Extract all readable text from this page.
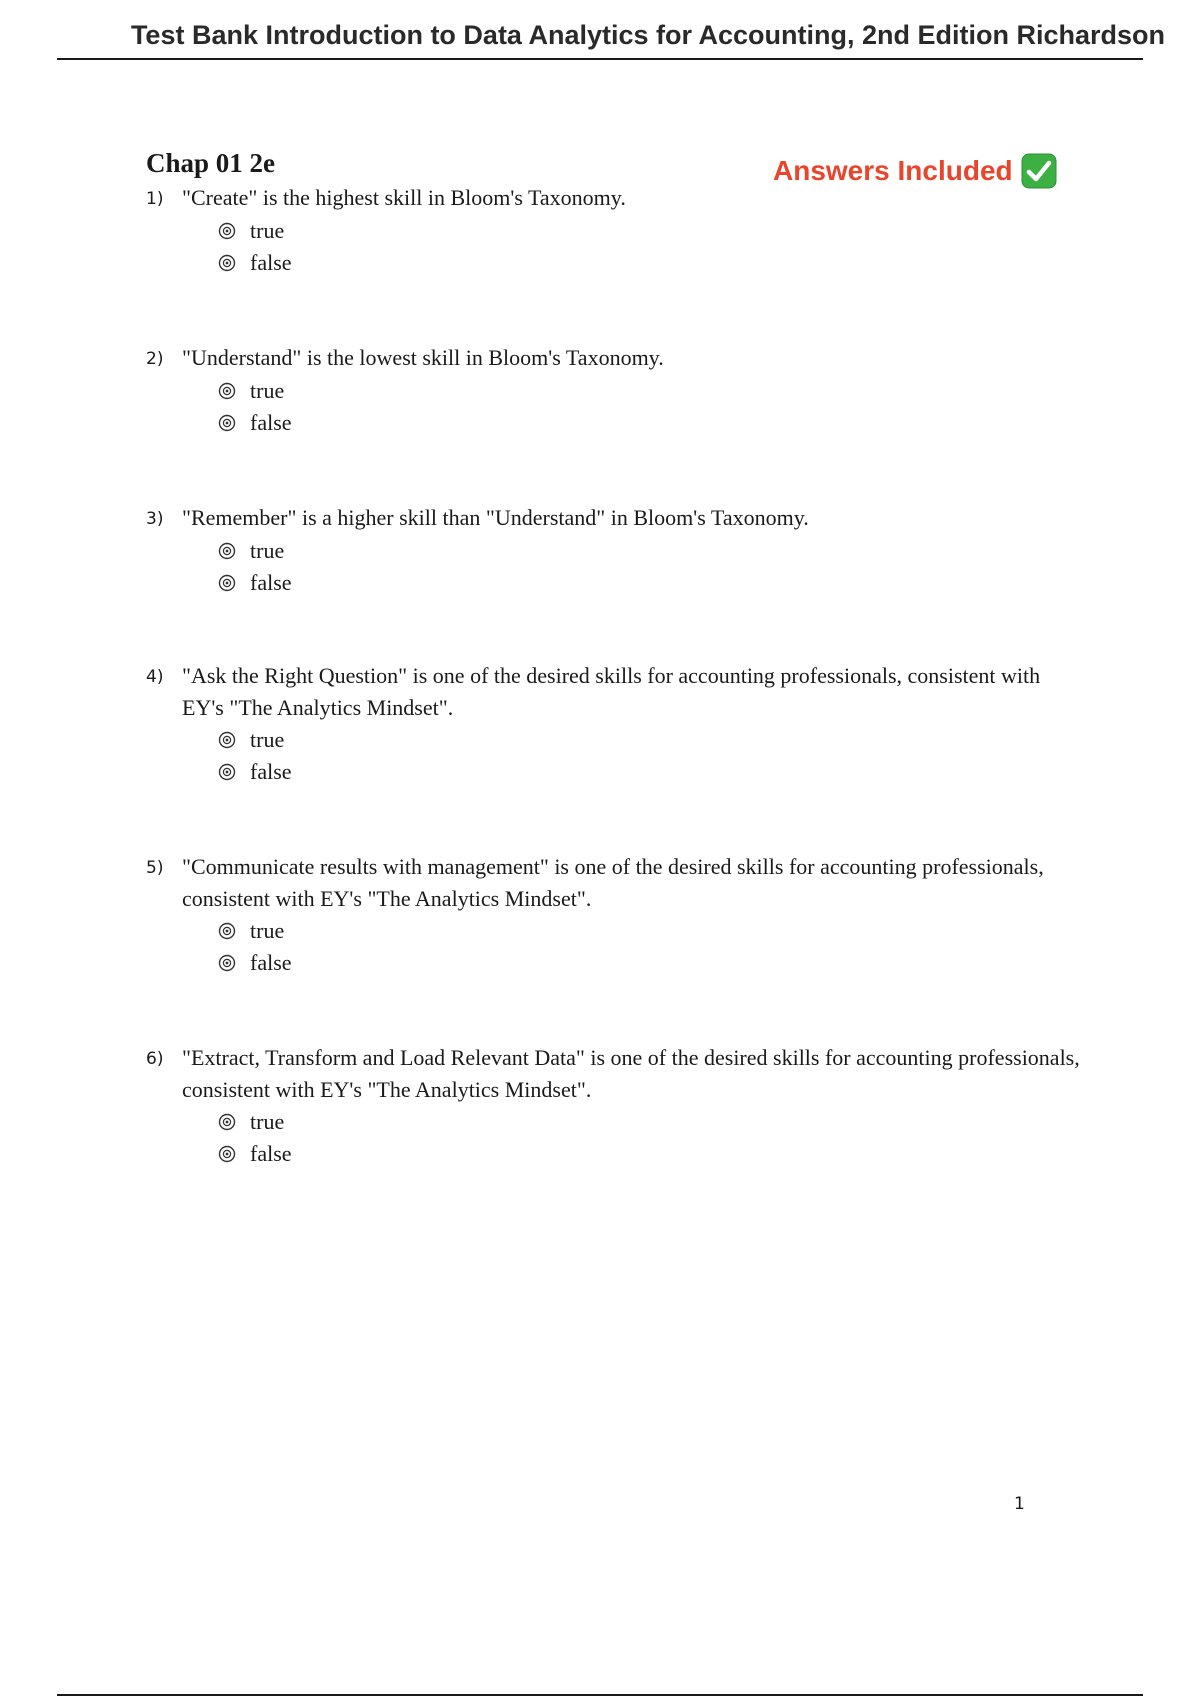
Test Bank Introduction to Data Analytics for Accounting, 2nd Edition Richardson
Chap 01 2e	Answers Included
1) "Create" is the highest skill in Bloom's Taxonomy.
true
false
2) "Understand" is the lowest skill in Bloom's Taxonomy.
true
false
3) "Remember" is a higher skill than "Understand" in Bloom's Taxonomy.
true
false
4) "Ask the Right Question" is one of the desired skills for accounting professionals, consistent with EY's "The Analytics Mindset".
true
false
5) "Communicate results with management" is one of the desired skills for accounting professionals, consistent with EY's "The Analytics Mindset".
true
false
6) "Extract, Transform and Load Relevant Data" is one of the desired skills for accounting professionals, consistent with EY's "The Analytics Mindset".
true
false
1
